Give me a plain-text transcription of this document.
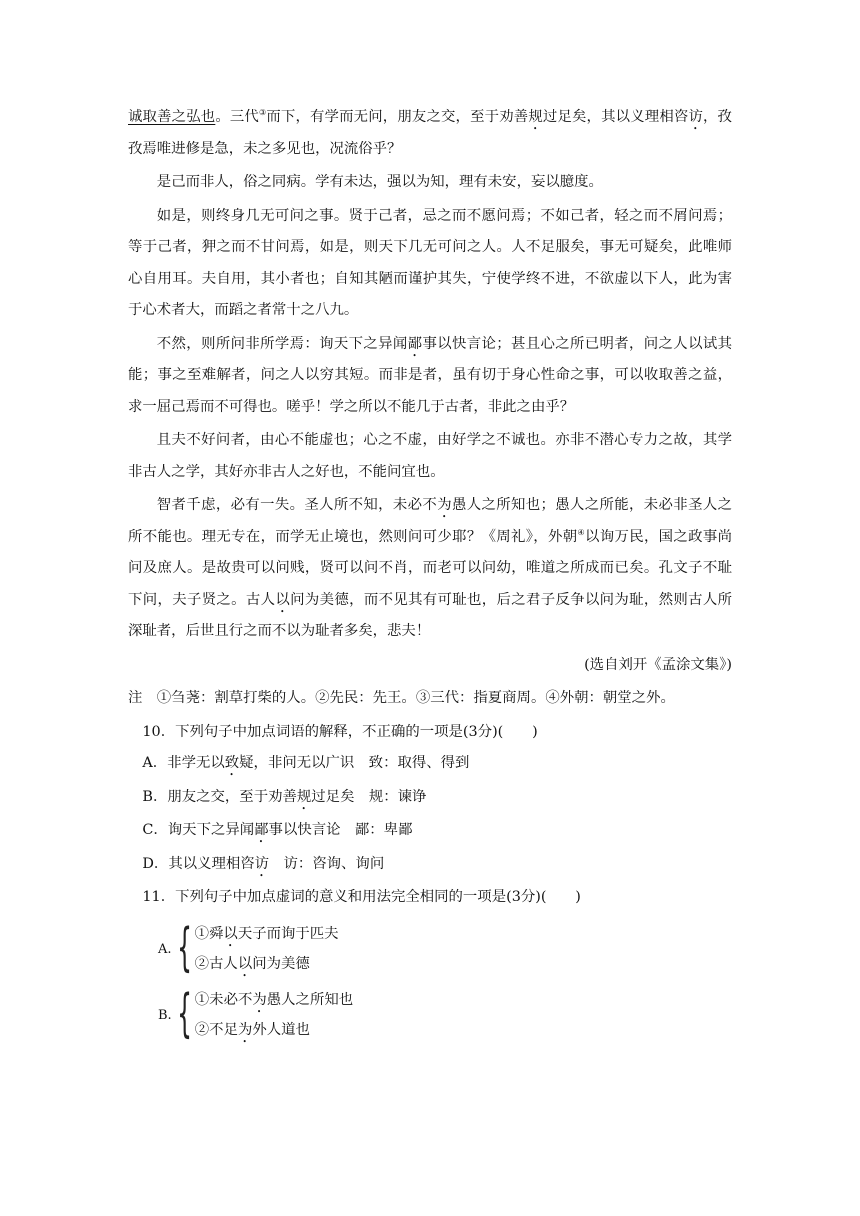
诚取善之弘也。三代③而下，有学而无问，朋友之交，至于劝善规过足矣，其以义理相咨访，孜孜焉唯进修是急，未之多见也，况流俗乎？

是己而非人，俗之同病。学有未达，强以为知，理有未安，妄以臆度。

如是，则终身几无可问之事。贤于己者，忌之而不愿问焉；不如己者，轻之而不屑问焉；等于己者，狎之而不甘问焉，如是，则天下几无可问之人。人不足服矣，事无可疑矣，此唯师心自用耳。夫自用，其小者也；自知其陋而谨护其失，宁使学终不进，不欲虚以下人，此为害于心术者大，而蹈之者常十之八九。

不然，则所问非所学焉：询天下之异闻鄙事以快言论；甚且心之所已明者，问之人以试其能；事之至难解者，问之人以穷其短。而非是者，虽有切于身心性命之事，可以收取善之益，求一屈己焉而不可得也。嗟乎！学之所以不能几于古者，非此之由乎？

且夫不好问者，由心不能虚也；心之不虚，由好学之不诚也。亦非不潜心专力之故，其学非古人之学，其好亦非古人之好也，不能问宜也。

智者千虑，必有一失。圣人所不知，未必不为愚人之所知也；愚人之所能，未必非圣人之所不能也。理无专在，而学无止境也，然则问可少耶？《周礼》，外朝④以询万民，国之政事尚问及庶人。是故贵可以问贱，贤可以问不肖，而老可以问幼，唯道之所成而已矣。孔文子不耻下问，夫子贤之。古人以问为美德，而不见其有可耻也，后之君子反争以问为耻，然则古人所深耻者，后世且行之而不以为耻者多矣，悲夫！

(选自刘开《孟涂文集》)

注　①刍荛：割草打柴的人。②先民：先王。③三代：指夏商周。④外朝：朝堂之外。

10．下列句子中加点词语的解释，不正确的一项是(3分)(　　)

A．非学无以致疑，非问无以广识　致：取得、得到

B．朋友之交，至于劝善规过足矣　规：谏诤

C．询天下之异闻鄙事以快言论　鄙：卑鄙

D．其以义理相咨访　访：咨询、询问

11．下列句子中加点虚词的意义和用法完全相同的一项是(3分)(　　)

A. { ①舜以天子而询于匹夫

②古人以问为美德

B. { ①未必不为愚人之所知也

②不足为外人道也
